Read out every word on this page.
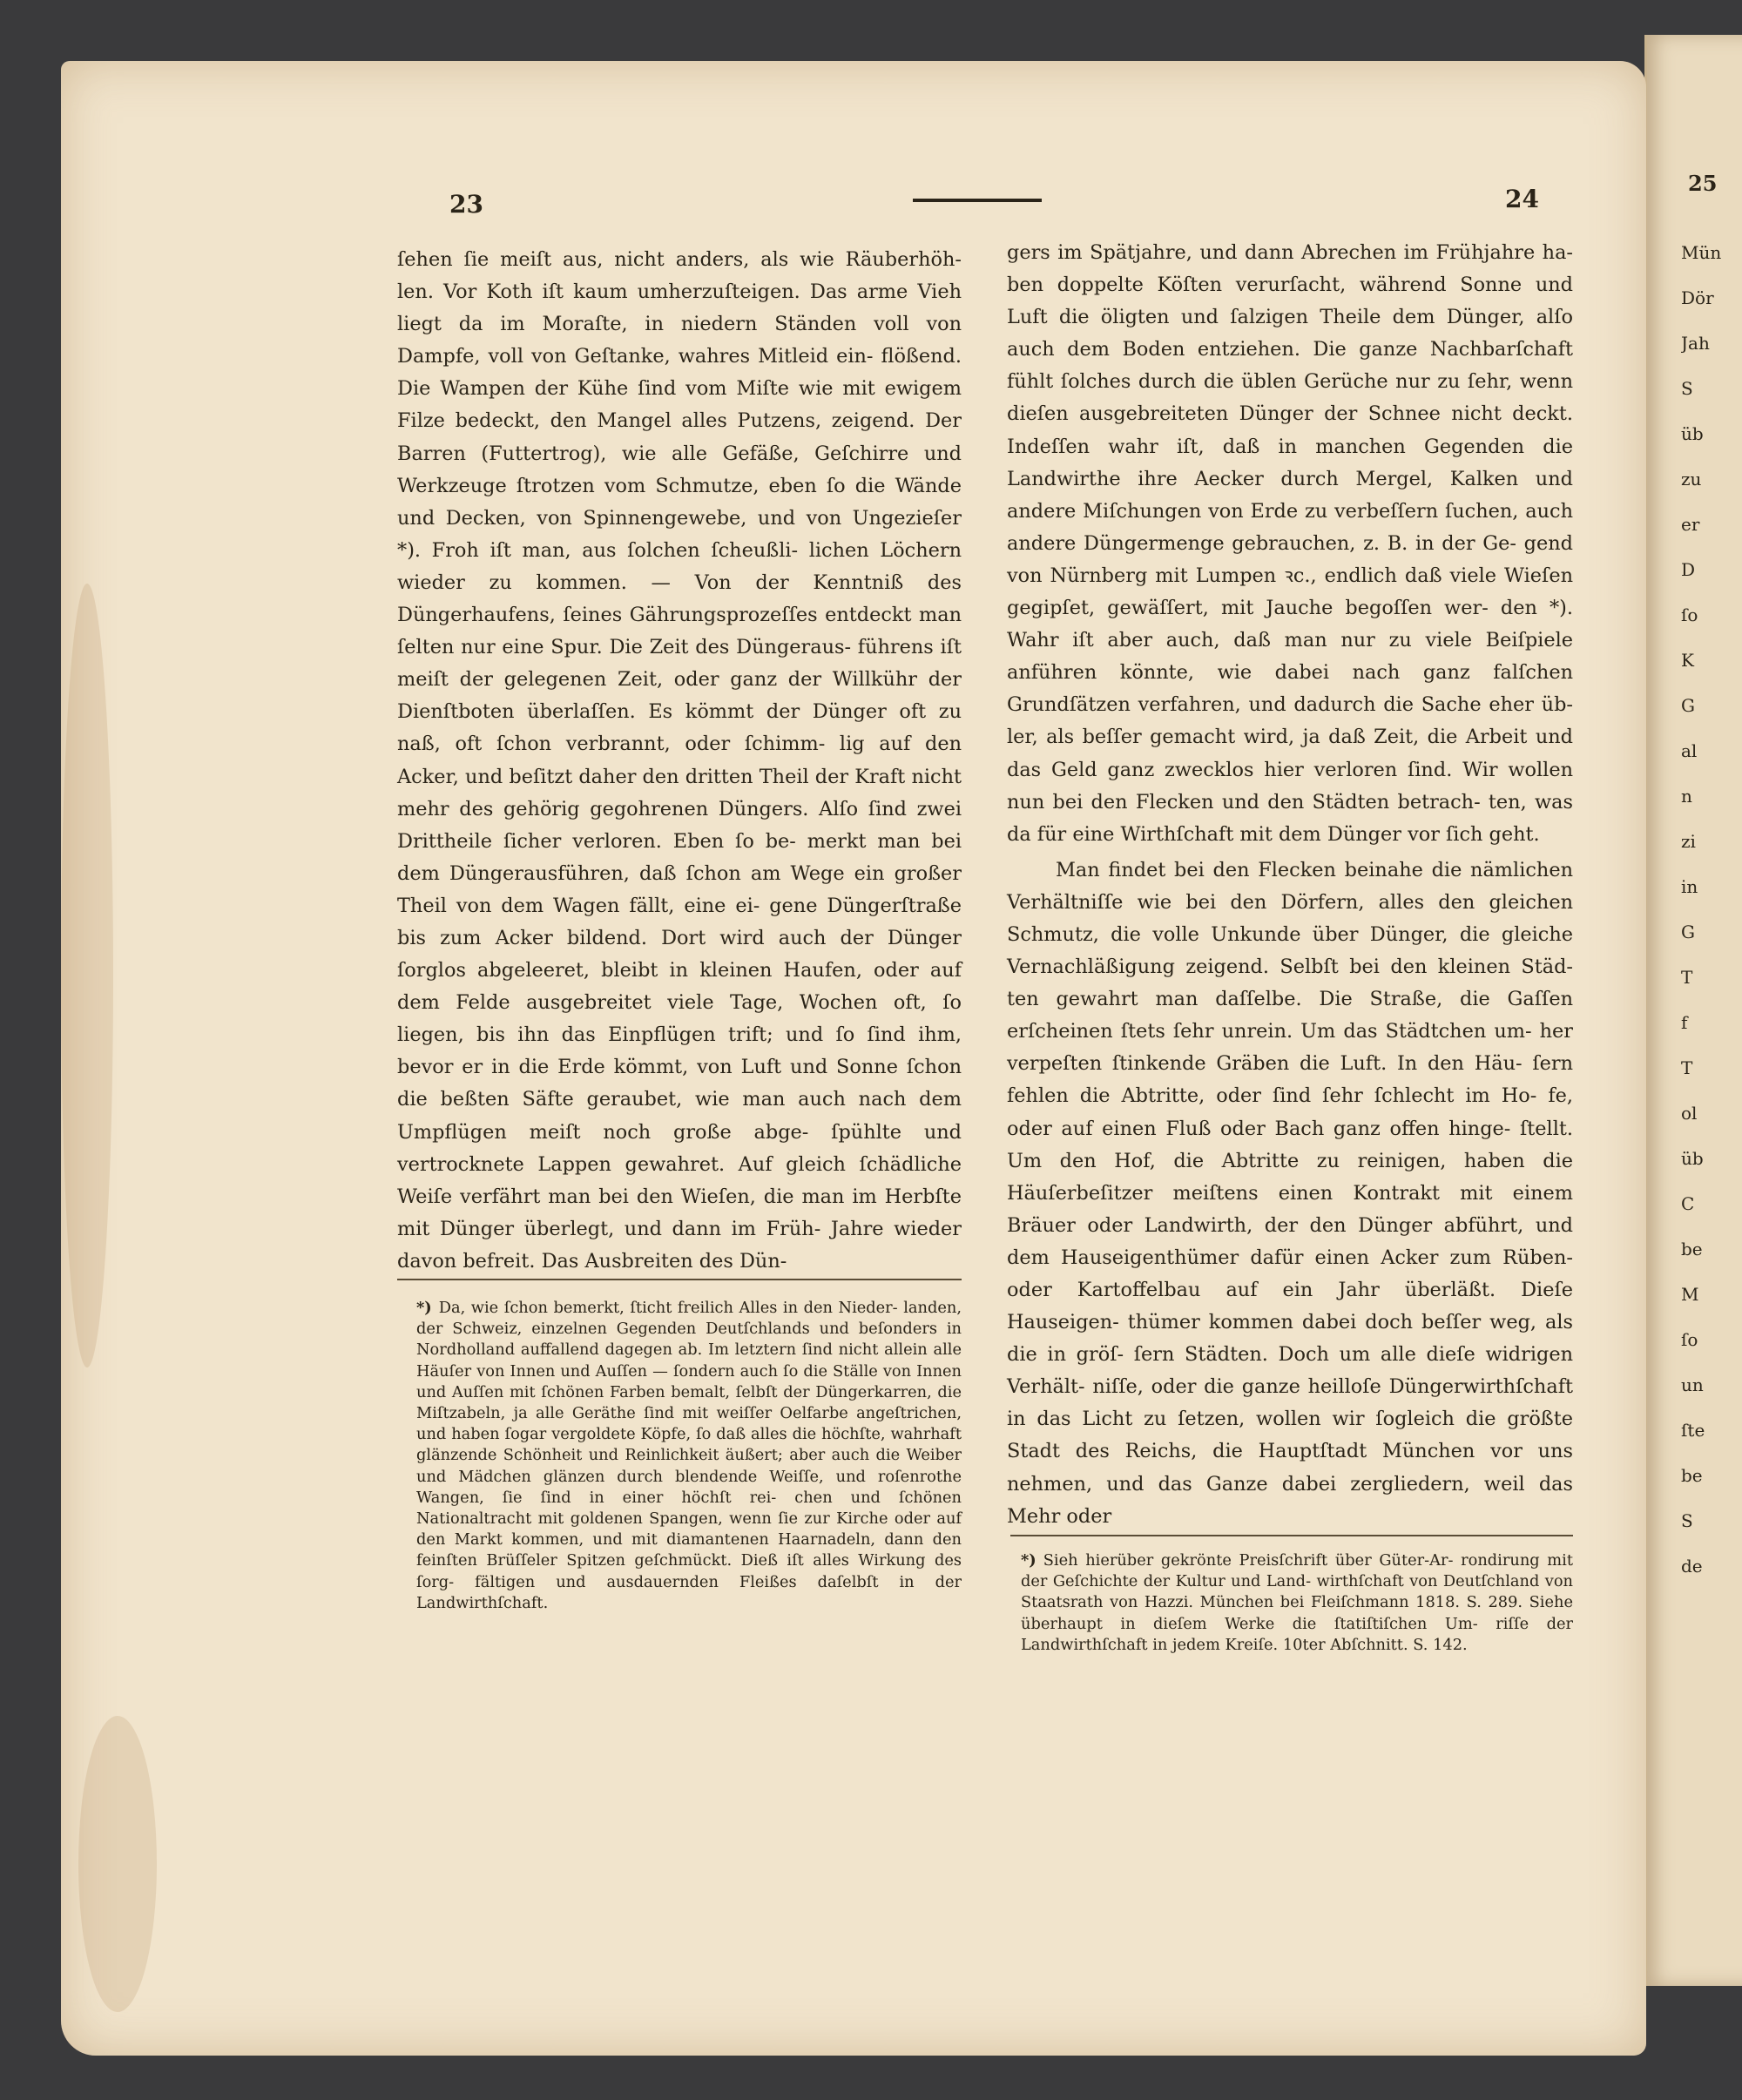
23	24

ſehen ſie meiſt aus, nicht anders, als wie Räuberhöh- len. Vor Koth iſt kaum umherzuſteigen. Das arme Vieh liegt da im Moraſte, in niedern Ständen voll von Dampfe, voll von Geſtanke, wahres Mitleid ein- flößend. Die Wampen der Kühe ſind vom Miſte wie mit ewigem Filze bedeckt, den Mangel alles Putzens, zeigend. Der Barren (Futtertrog), wie alle Gefäße, Geſchirre und Werkzeuge ſtrotzen vom Schmutze, eben ſo die Wände und Decken, von Spinnengewebe, und von Ungezieſer *). Froh iſt man, aus ſolchen ſcheußli- lichen Löchern wieder zu kommen. — Von der Kenntniß des Düngerhaufens, ſeines Gährungsprozeſſes entdeckt man ſelten nur eine Spur. Die Zeit des Düngeraus- führens iſt meiſt der gelegenen Zeit, oder ganz der Willkühr der Dienſtboten überlaſſen. Es kömmt der Dünger oft zu naß, oft ſchon verbrannt, oder ſchimm- lig auf den Acker, und beſitzt daher den dritten Theil der Kraft nicht mehr des gehörig gegohrenen Düngers. Alſo ſind zwei Drittheile ſicher verloren. Eben ſo be- merkt man bei dem Düngerausführen, daß ſchon am Wege ein großer Theil von dem Wagen fällt, eine ei- gene Düngerſtraße bis zum Acker bildend. Dort wird auch der Dünger ſorglos abgeleeret, bleibt in kleinen Haufen, oder auf dem Felde ausgebreitet viele Tage, Wochen oft, ſo liegen, bis ihn das Einpflügen trift; und ſo ſind ihm, bevor er in die Erde kömmt, von Luft und Sonne ſchon die beßten Säfte geraubet, wie man auch nach dem Umpflügen meiſt noch große abge- ſpühlte und vertrocknete Lappen gewahret. Auf gleich ſchädliche Weiſe verfährt man bei den Wieſen, die man im Herbſte mit Dünger überlegt, und dann im Früh- Jahre wieder davon befreit. Das Ausbreiten des Dün-

*) Da, wie ſchon bemerkt, ſticht freilich Alles in den Nieder- landen, der Schweiz, einzelnen Gegenden Deutſchlands und beſonders in Nordholland auffallend dagegen ab. Im letztern ſind nicht allein alle Häuſer von Innen und Auſſen — ſondern auch ſo die Ställe von Innen und Auſſen mit ſchönen Farben bemalt, ſelbſt der Düngerkarren, die Miſtzabeln, ja alle Geräthe ſind mit weiſſer Oelfarbe angeſtrichen, und haben ſogar vergoldete Köpfe, ſo daß alles die höchſte, wahrhaft glänzende Schönheit und Reinlichkeit äußert; aber auch die Weiber und Mädchen glänzen durch blendende Weiſſe, und roſenrothe Wangen, ſie ſind in einer höchſt rei- chen und ſchönen Nationaltracht mit goldenen Spangen, wenn ſie zur Kirche oder auf den Markt kommen, und mit diamantenen Haarnadeln, dann den feinſten Brüſſeler Spitzen geſchmückt. Dieß iſt alles Wirkung des ſorg- fältigen und ausdauernden Fleißes daſelbſt in der Landwirthſchaft.

gers im Spätjahre, und dann Abrechen im Frühjahre ha- ben doppelte Köſten verurſacht, während Sonne und Luft die öligten und ſalzigen Theile dem Dünger, alſo auch dem Boden entziehen. Die ganze Nachbarſchaft fühlt ſolches durch die üblen Gerüche nur zu ſehr, wenn dieſen ausgebreiteten Dünger der Schnee nicht deckt. Indeſſen wahr iſt, daß in manchen Gegenden die Landwirthe ihre Aecker durch Mergel, Kalken und andere Miſchungen von Erde zu verbeſſern ſuchen, auch andere Düngermenge gebrauchen, z. B. in der Ge- gend von Nürnberg mit Lumpen ꝛc., endlich daß viele Wieſen gegipſet, gewäſſert, mit Jauche begoſſen wer- den *). Wahr iſt aber auch, daß man nur zu viele Beiſpiele anführen könnte, wie dabei nach ganz falſchen Grundſätzen verfahren, und dadurch die Sache eher üb- ler, als beſſer gemacht wird, ja daß Zeit, die Arbeit und das Geld ganz zwecklos hier verloren ſind. Wir wollen nun bei den Flecken und den Städten betrach- ten, was da für eine Wirthſchaft mit dem Dünger vor ſich geht.

Man findet bei den Flecken beinahe die nämlichen Verhältniſſe wie bei den Dörfern, alles den gleichen Schmutz, die volle Unkunde über Dünger, die gleiche Vernachläßigung zeigend. Selbſt bei den kleinen Städ- ten gewahrt man daſſelbe. Die Straße, die Gaſſen erſcheinen ſtets ſehr unrein. Um das Städtchen um- her verpeſten ſtinkende Gräben die Luft. In den Häu- ſern fehlen die Abtritte, oder ſind ſehr ſchlecht im Ho- fe, oder auf einen Fluß oder Bach ganz offen hinge- ſtellt. Um den Hof, die Abtritte zu reinigen, haben die Häuſerbeſitzer meiſtens einen Kontrakt mit einem Bräuer oder Landwirth, der den Dünger abführt, und dem Hauseigenthümer dafür einen Acker zum Rüben- oder Kartoffelbau auf ein Jahr überläßt. Dieſe Hauseigen- thümer kommen dabei doch beſſer weg, als die in gröſ- ſern Städten. Doch um alle dieſe widrigen Verhält- niſſe, oder die ganze heilloſe Düngerwirthſchaft in das Licht zu ſetzen, wollen wir ſogleich die größte Stadt des Reichs, die Hauptſtadt München vor uns nehmen, und das Ganze dabei zergliedern, weil das Mehr oder

*) Sieh hierüber gekrönte Preisſchrift über Güter-Ar- rondirung mit der Geſchichte der Kultur und Land- wirthſchaft von Deutſchland von Staatsrath von Hazzi. München bei Fleiſchmann 1818. S. 289. Siehe überhaupt in dieſem Werke die ſtatiſtiſchen Um- riſſe der Landwirthſchaft in jedem Kreiſe. 10ter Abſchnitt. S. 142.
25
Mün
Dör
Jah
S
üb
zu
er
D
ſo
K
G
al
n
zi
in
G
T
f
T
ol
üb
C
be
M
ſo
un
ſte
be
S
de
